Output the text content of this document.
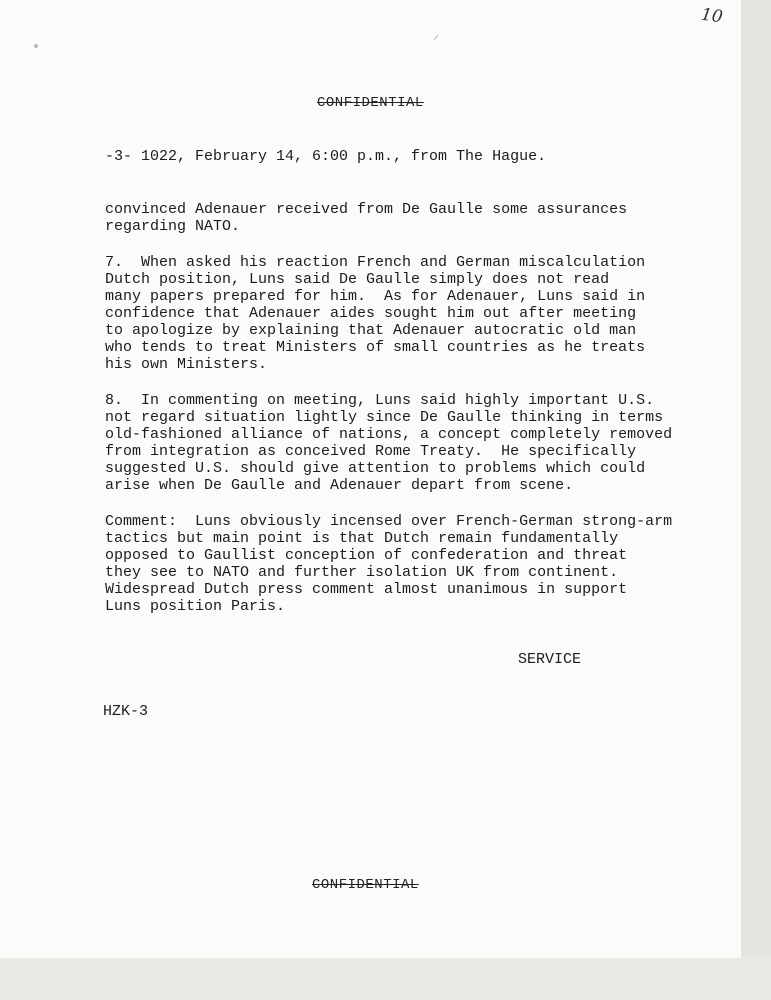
10
CONFIDENTIAL
-3- 1022, February 14, 6:00 p.m., from The Hague.
convinced Adenauer received from De Gaulle some assurances
regarding NATO.
7.  When asked his reaction French and German miscalculation
Dutch position, Luns said De Gaulle simply does not read
many papers prepared for him.  As for Adenauer, Luns said in
confidence that Adenauer aides sought him out after meeting
to apologize by explaining that Adenauer autocratic old man
who tends to treat Ministers of small countries as he treats
his own Ministers.
8.  In commenting on meeting, Luns said highly important U.S.
not regard situation lightly since De Gaulle thinking in terms
old-fashioned alliance of nations, a concept completely removed
from integration as conceived Rome Treaty.  He specifically
suggested U.S. should give attention to problems which could
arise when De Gaulle and Adenauer depart from scene.
Comment:  Luns obviously incensed over French-German strong-arm
tactics but main point is that Dutch remain fundamentally
opposed to Gaullist conception of confederation and threat
they see to NATO and further isolation UK from continent.
Widespread Dutch press comment almost unanimous in support
Luns position Paris.
SERVICE
HZK-3
CONFIDENTIAL
